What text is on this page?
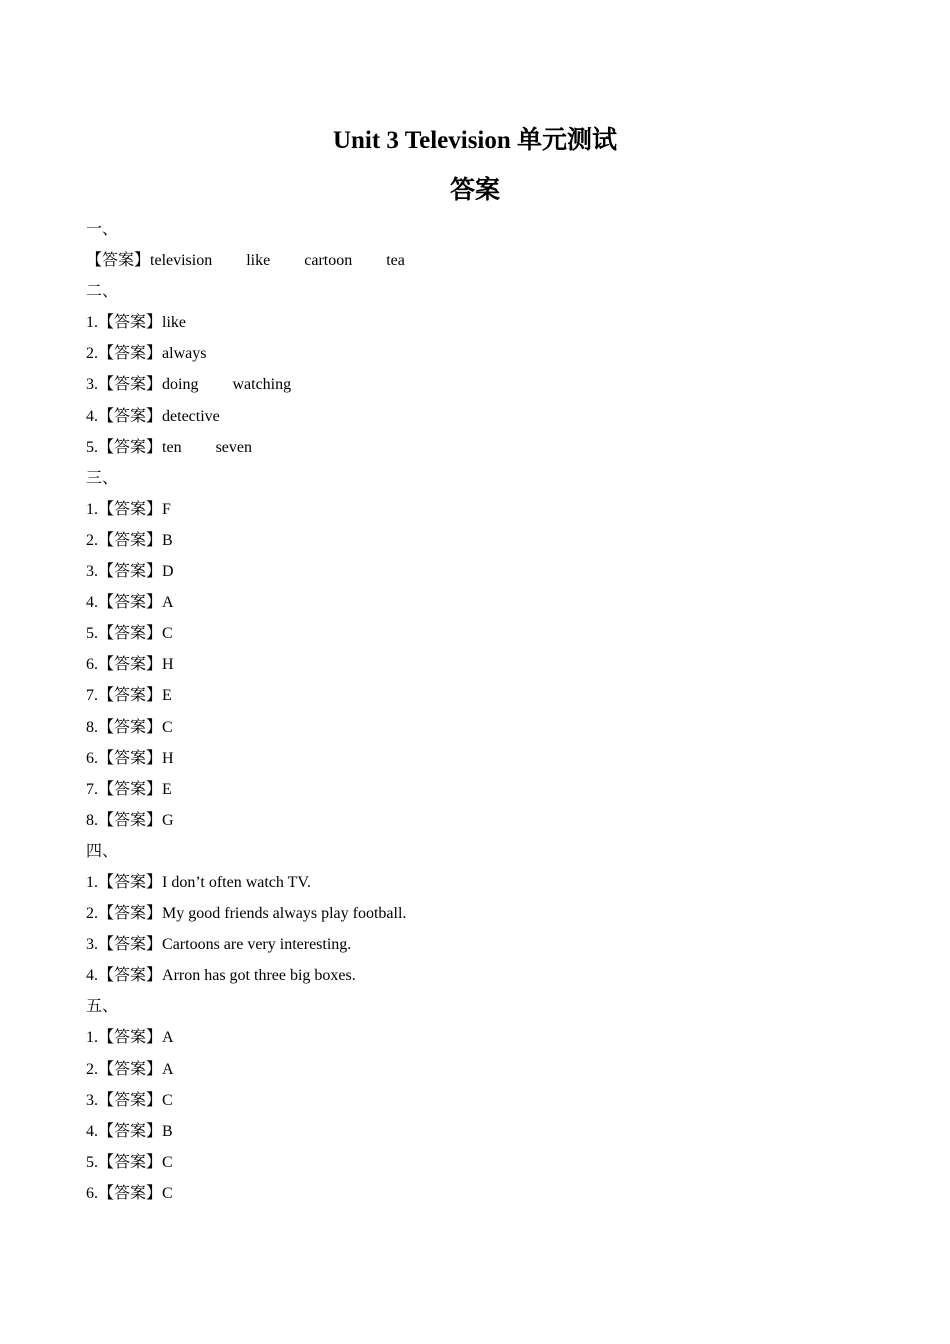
Unit 3 Television 单元测试
答案
一、
【答案】television like cartoon tea
二、
1.【答案】like
2.【答案】always
3.【答案】doing watching
4.【答案】detective
5.【答案】ten seven
三、
1.【答案】F
2.【答案】B
3.【答案】D
4.【答案】A
5.【答案】C
6.【答案】H
7.【答案】E
8.【答案】C
6.【答案】H
7.【答案】E
8.【答案】G
四、
1.【答案】I don’t often watch TV.
2.【答案】My good friends always play football.
3.【答案】Cartoons are very interesting.
4.【答案】Arron has got three big boxes.
五、
1.【答案】A
2.【答案】A
3.【答案】C
4.【答案】B
5.【答案】C
6.【答案】C
